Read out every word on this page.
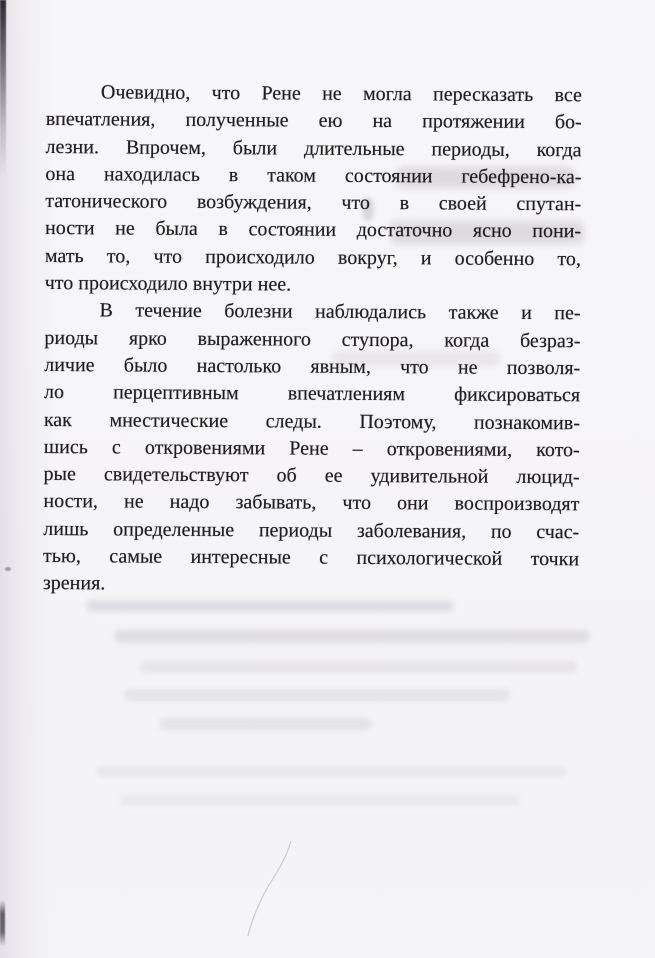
Очевидно, что Рене не могла пересказать все
впечатления, полученные ею на протяжении бо-
лезни. Впрочем, были длительные периоды, когда
она находилась в таком состоянии гебефрено-ка-
татонического возбуждения, что в своей спутан-
ности не была в состоянии достаточно ясно пони-
мать то, что происходило вокруг, и особенно то,
что происходило внутри нее.
В течение болезни наблюдались также и пе-
риоды ярко выраженного ступора, когда безраз-
личие было настолько явным, что не позволя-
ло перцептивным впечатлениям фиксироваться
как мнестические следы. Поэтому, познакомив-
шись с откровениями Рене – откровениями, кото-
рые свидетельствуют об ее удивительной люцид-
ности, не надо забывать, что они воспроизводят
лишь определенные периоды заболевания, по счас-
тью, самые интересные с психологической точки
зрения.
